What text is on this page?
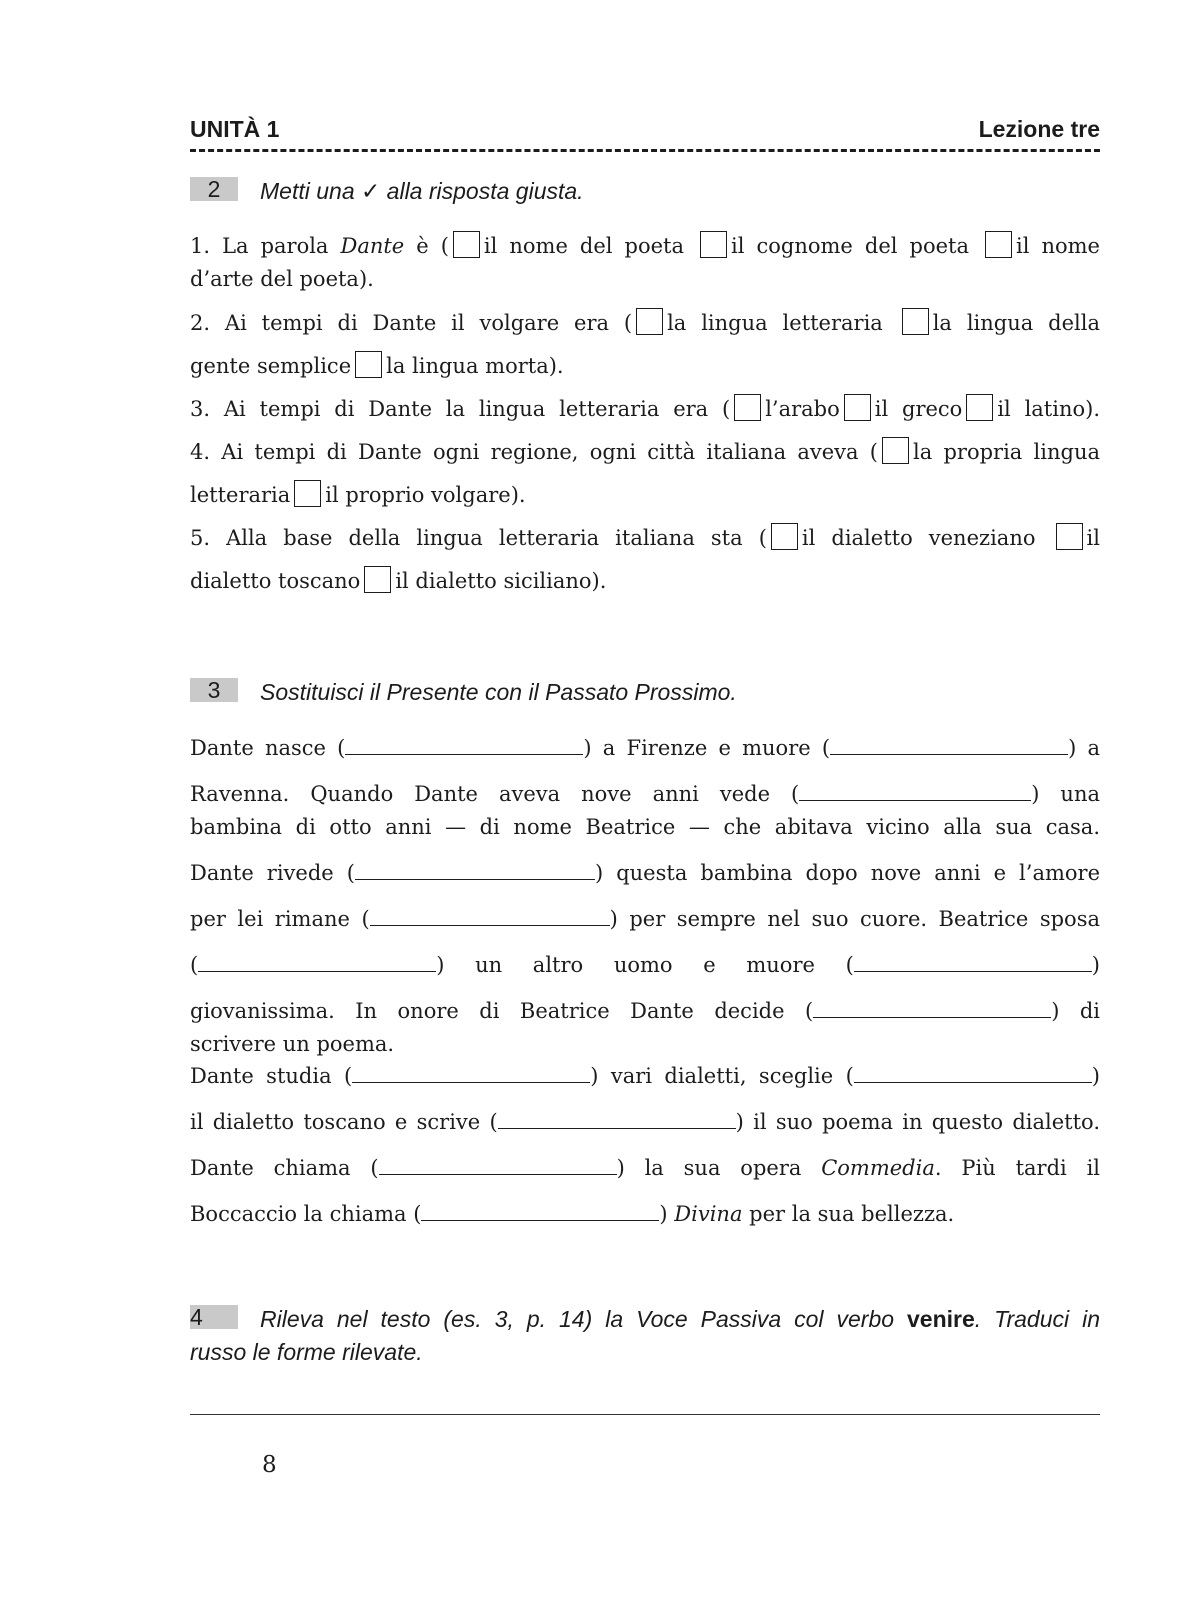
UNITÀ 1	Lezione tre
2 Metti una ✓ alla risposta giusta.
1. La parola Dante è ( il nome del poeta il cognome del poeta il nome
d’arte del poeta).
2. Ai tempi di Dante il volgare era ( la lingua letteraria la lingua della
gente semplice la lingua morta).
3. Ai tempi di Dante la lingua letteraria era ( l’arabo il greco il latino).
4. Ai tempi di Dante ogni regione, ogni città italiana aveva ( la propria lingua
letteraria il proprio volgare).
5. Alla base della lingua letteraria italiana sta ( il dialetto veneziano il
dialetto toscano il dialetto siciliano).
3 Sostituisci il Presente con il Passato Prossimo.
Dante nasce (	) a Firenze e muore (	) a
Ravenna. Quando Dante aveva nove anni vede (	) una
bambina di otto anni — di nome Beatrice — che abitava vicino alla sua casa.
Dante rivede (	) questa bambina dopo nove anni e l’amore
per lei rimane (	) per sempre nel suo cuore. Beatrice sposa
(	) un altro uomo e muore (	)
giovanissima. In onore di Beatrice Dante decide (	) di
scrivere un poema.
Dante studia (	) vari dialetti, sceglie (	)
il dialetto toscano e scrive (	) il suo poema in questo dialetto.
Dante chiama (	) la sua opera Commedia. Più tardi il
Boccaccio la chiama (	) Divina per la sua bellezza.
4 Rileva nel testo (es. 3, p. 14) la Voce Passiva col verbo venire. Traduci in
russo le forme rilevate.
8
